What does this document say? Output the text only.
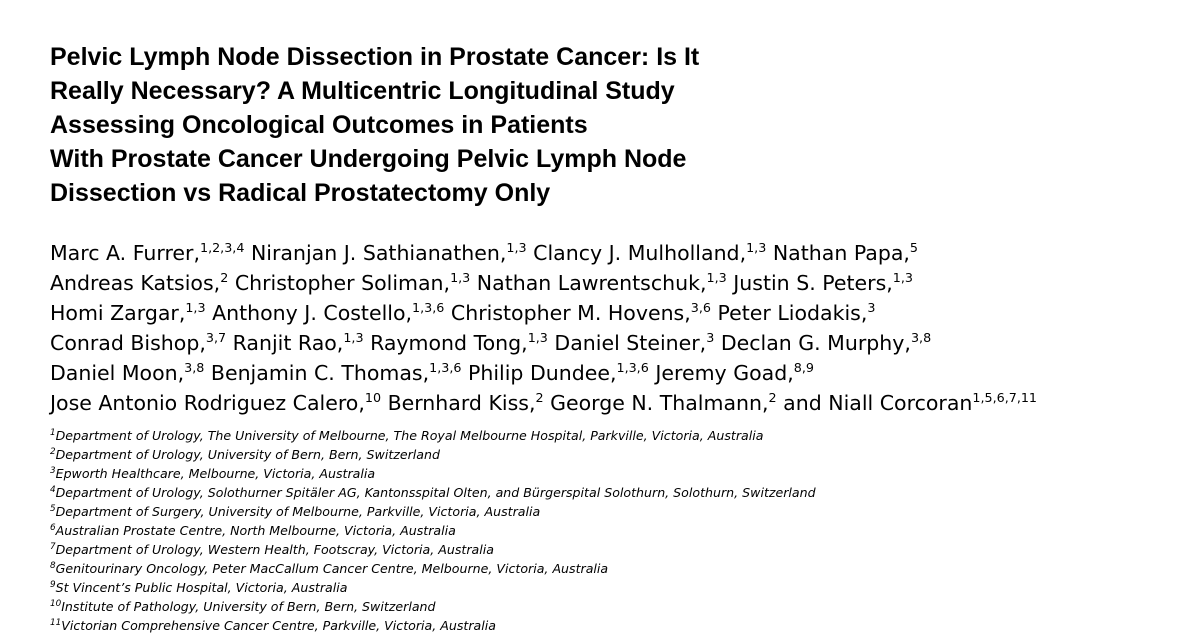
Pelvic Lymph Node Dissection in Prostate Cancer: Is It
Really Necessary? A Multicentric Longitudinal Study
Assessing Oncological Outcomes in Patients
With Prostate Cancer Undergoing Pelvic Lymph Node
Dissection vs Radical Prostatectomy Only
Marc A. Furrer,$^{1,2,3,4}$ Niranjan J. Sathianathen,$^{1,3}$ Clancy J. Mulholland,$^{1,3}$ Nathan Papa,$^5$
Andreas Katsios,$^2$ Christopher Soliman,$^{1,3}$ Nathan Lawrentschuk,$^{1,3}$ Justin S. Peters,$^{1,3}$
Homi Zargar,$^{1,3}$ Anthony J. Costello,$^{1,3,6}$ Christopher M. Hovens,$^{3,6}$ Peter Liodakis,$^3$
Conrad Bishop,$^{3,7}$ Ranjit Rao,$^{1,3}$ Raymond Tong,$^{1,3}$ Daniel Steiner,$^3$ Declan G. Murphy,$^{3,8}$
Daniel Moon,$^{3,8}$ Benjamin C. Thomas,$^{1,3,6}$ Philip Dundee,$^{1,3,6}$ Jeremy Goad,$^{8,9}$
Jose Antonio Rodriguez Calero,$^{10}$ Bernhard Kiss,$^2$ George N. Thalmann,$^2$ and Niall Corcoran$^{1,5,6,7,11}$
$^1$Department of Urology, The University of Melbourne, The Royal Melbourne Hospital, Parkville, Victoria, Australia
$^2$Department of Urology, University of Bern, Bern, Switzerland
$^3$Epworth Healthcare, Melbourne, Victoria, Australia
$^4$Department of Urology, Solothurner Spitäler AG, Kantonsspital Olten, and Bürgerspital Solothurn, Solothurn, Switzerland
$^5$Department of Surgery, University of Melbourne, Parkville, Victoria, Australia
$^6$Australian Prostate Centre, North Melbourne, Victoria, Australia
$^7$Department of Urology, Western Health, Footscray, Victoria, Australia
$^8$Genitourinary Oncology, Peter MacCallum Cancer Centre, Melbourne, Victoria, Australia
$^9$St Vincent’s Public Hospital, Victoria, Australia
$^{10}$Institute of Pathology, University of Bern, Bern, Switzerland
$^{11}$Victorian Comprehensive Cancer Centre, Parkville, Victoria, Australia
